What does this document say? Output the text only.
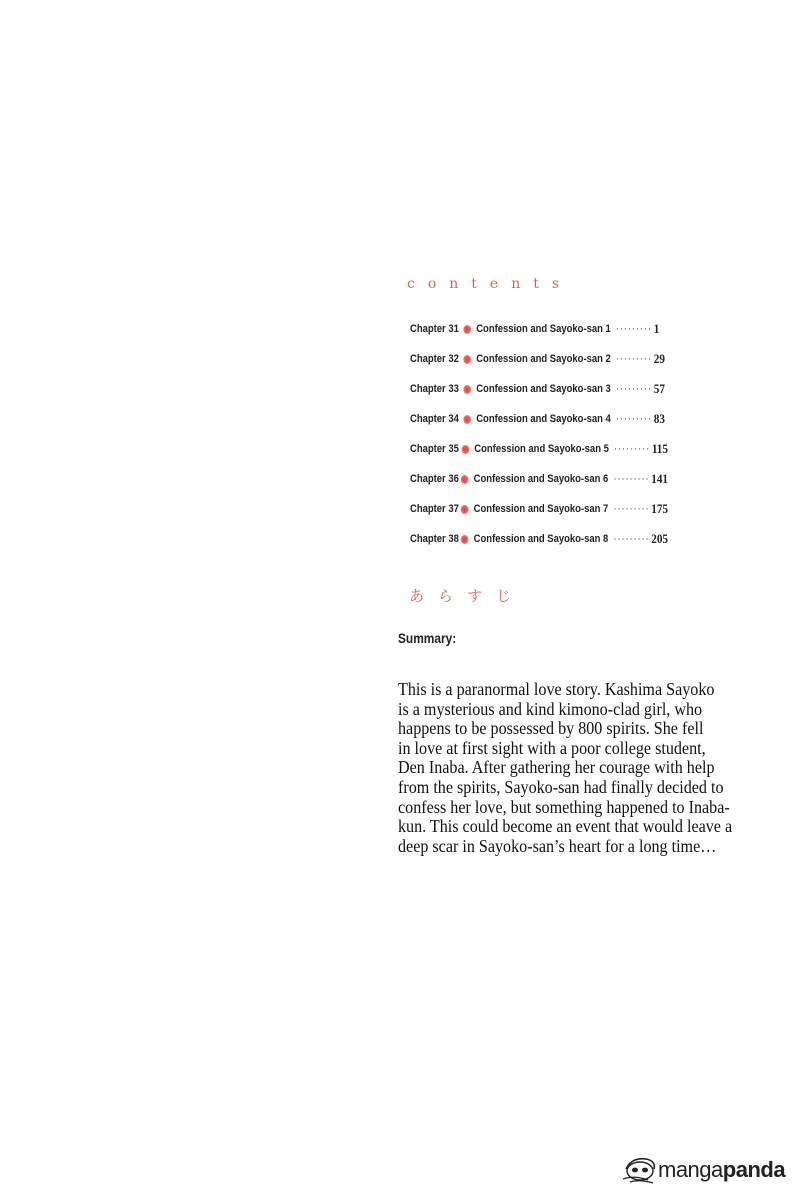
contents
Chapter 31	Confession and Sayoko-san 1 ········· 1
Chapter 32	Confession and Sayoko-san 2 ········· 29
Chapter 33	Confession and Sayoko-san 3 ········· 57
Chapter 34	Confession and Sayoko-san 4 ········· 83
Chapter 35 Confession and Sayoko-san 5 ········· 115
Chapter 36 Confession and Sayoko-san 6 ········· 141
Chapter 37 Confession and Sayoko-san 7 ········· 175
Chapter 38 Confession and Sayoko-san 8 ········· 205
あらすじ
Summary:
This is a paranormal love story. Kashima Sayoko
is a mysterious and kind kimono-clad girl, who
happens to be possessed by 800 spirits. She fell
in love at first sight with a poor college student,
Den Inaba. After gathering her courage with help
from the spirits, Sayoko-san had finally decided to
confess her love, but something happened to Inaba-
kun. This could become an event that would leave a
deep scar in Sayoko-san’s heart for a long time…
mangapanda
